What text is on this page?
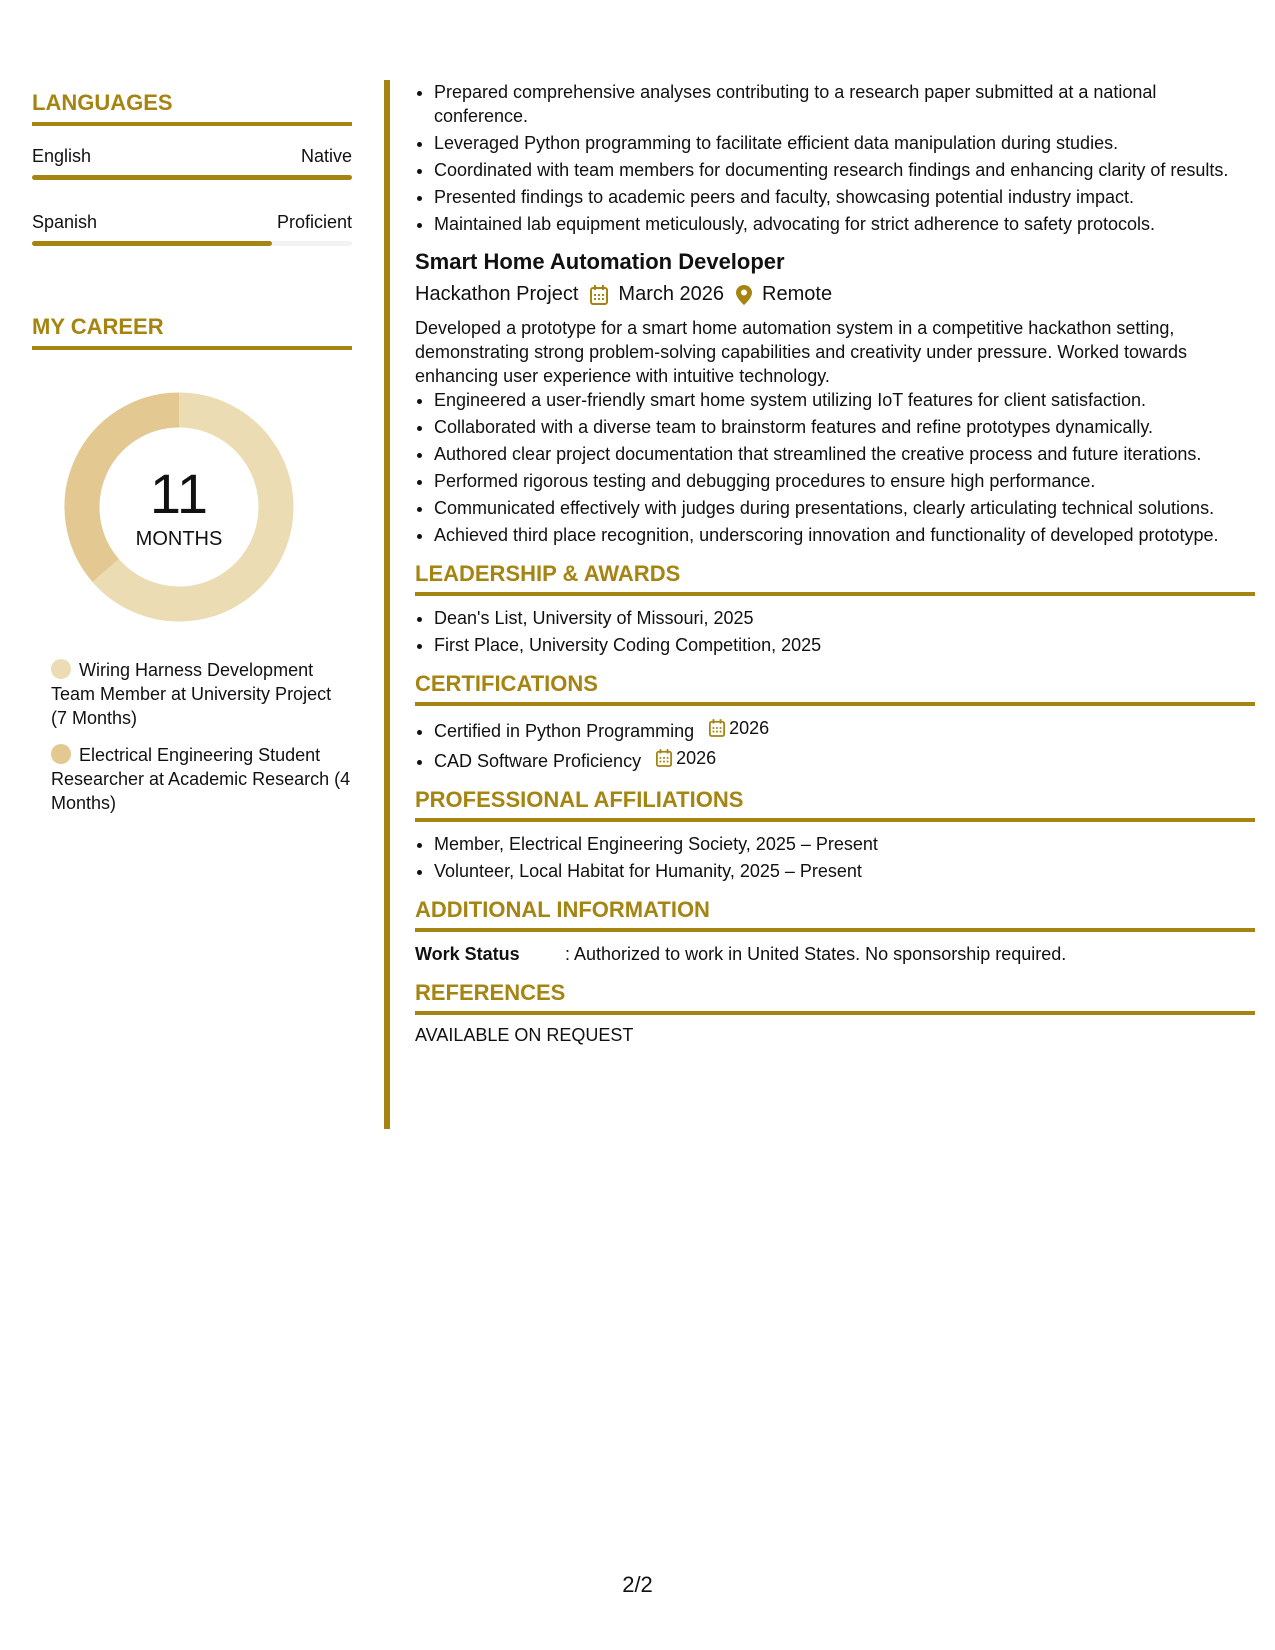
LANGUAGES
English	Native
Spanish	Proficient
MY CAREER
11
MONTHS
Wiring Harness Development Team Member at University Project (7 Months)
Electrical Engineering Student Researcher at Academic Research (4 Months)
• Prepared comprehensive analyses contributing to a research paper submitted at a national conference.
• Leveraged Python programming to facilitate efficient data manipulation during studies.
• Coordinated with team members for documenting research findings and enhancing clarity of results.
• Presented findings to academic peers and faculty, showcasing potential industry impact.
• Maintained lab equipment meticulously, advocating for strict adherence to safety protocols.
Smart Home Automation Developer
Hackathon Project March 2026 Remote
Developed a prototype for a smart home automation system in a competitive hackathon setting, demonstrating strong problem-solving capabilities and creativity under pressure. Worked towards enhancing user experience with intuitive technology.
• Engineered a user-friendly smart home system utilizing IoT features for client satisfaction.
• Collaborated with a diverse team to brainstorm features and refine prototypes dynamically.
• Authored clear project documentation that streamlined the creative process and future iterations.
• Performed rigorous testing and debugging procedures to ensure high performance.
• Communicated effectively with judges during presentations, clearly articulating technical solutions.
• Achieved third place recognition, underscoring innovation and functionality of developed prototype.
LEADERSHIP & AWARDS
• Dean's List, University of Missouri, 2025
• First Place, University Coding Competition, 2025
CERTIFICATIONS
• Certified in Python Programming 2026
• CAD Software Proficiency 2026
PROFESSIONAL AFFILIATIONS
• Member, Electrical Engineering Society, 2025 – Present
• Volunteer, Local Habitat for Humanity, 2025 – Present
ADDITIONAL INFORMATION
Work Status	: Authorized to work in United States. No sponsorship required.
REFERENCES
AVAILABLE ON REQUEST
2/2
